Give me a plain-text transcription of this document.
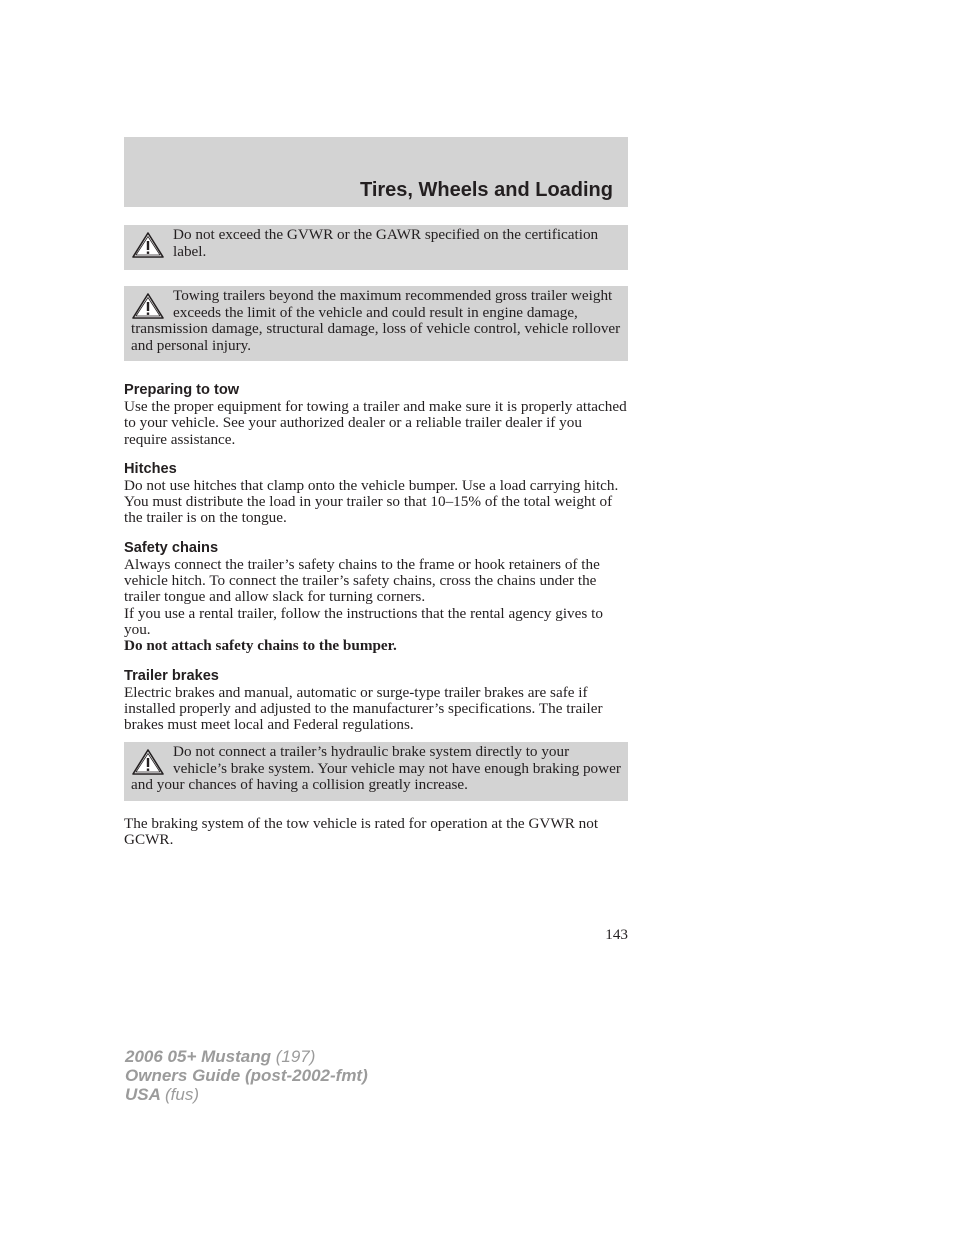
Tires, Wheels and Loading

Do not exceed the GVWR or the GAWR specified on the certification label.

Towing trailers beyond the maximum recommended gross trailer weight exceeds the limit of the vehicle and could result in engine damage, transmission damage, structural damage, loss of vehicle control, vehicle rollover and personal injury.

Preparing to tow

Use the proper equipment for towing a trailer and make sure it is properly attached to your vehicle. See your authorized dealer or a reliable trailer dealer if you require assistance.

Hitches

Do not use hitches that clamp onto the vehicle bumper. Use a load carrying hitch. You must distribute the load in your trailer so that 10–15% of the total weight of the trailer is on the tongue.

Safety chains

Always connect the trailer’s safety chains to the frame or hook retainers of the vehicle hitch. To connect the trailer’s safety chains, cross the chains under the trailer tongue and allow slack for turning corners.

If you use a rental trailer, follow the instructions that the rental agency gives to you.

Do not attach safety chains to the bumper.

Trailer brakes

Electric brakes and manual, automatic or surge-type trailer brakes are safe if installed properly and adjusted to the manufacturer’s specifications. The trailer brakes must meet local and Federal regulations.

Do not connect a trailer’s hydraulic brake system directly to your vehicle’s brake system. Your vehicle may not have enough braking power and your chances of having a collision greatly increase.

The braking system of the tow vehicle is rated for operation at the GVWR not GCWR.

143
2006 05+ Mustang (197)
Owners Guide (post-2002-fmt)
USA (fus)
